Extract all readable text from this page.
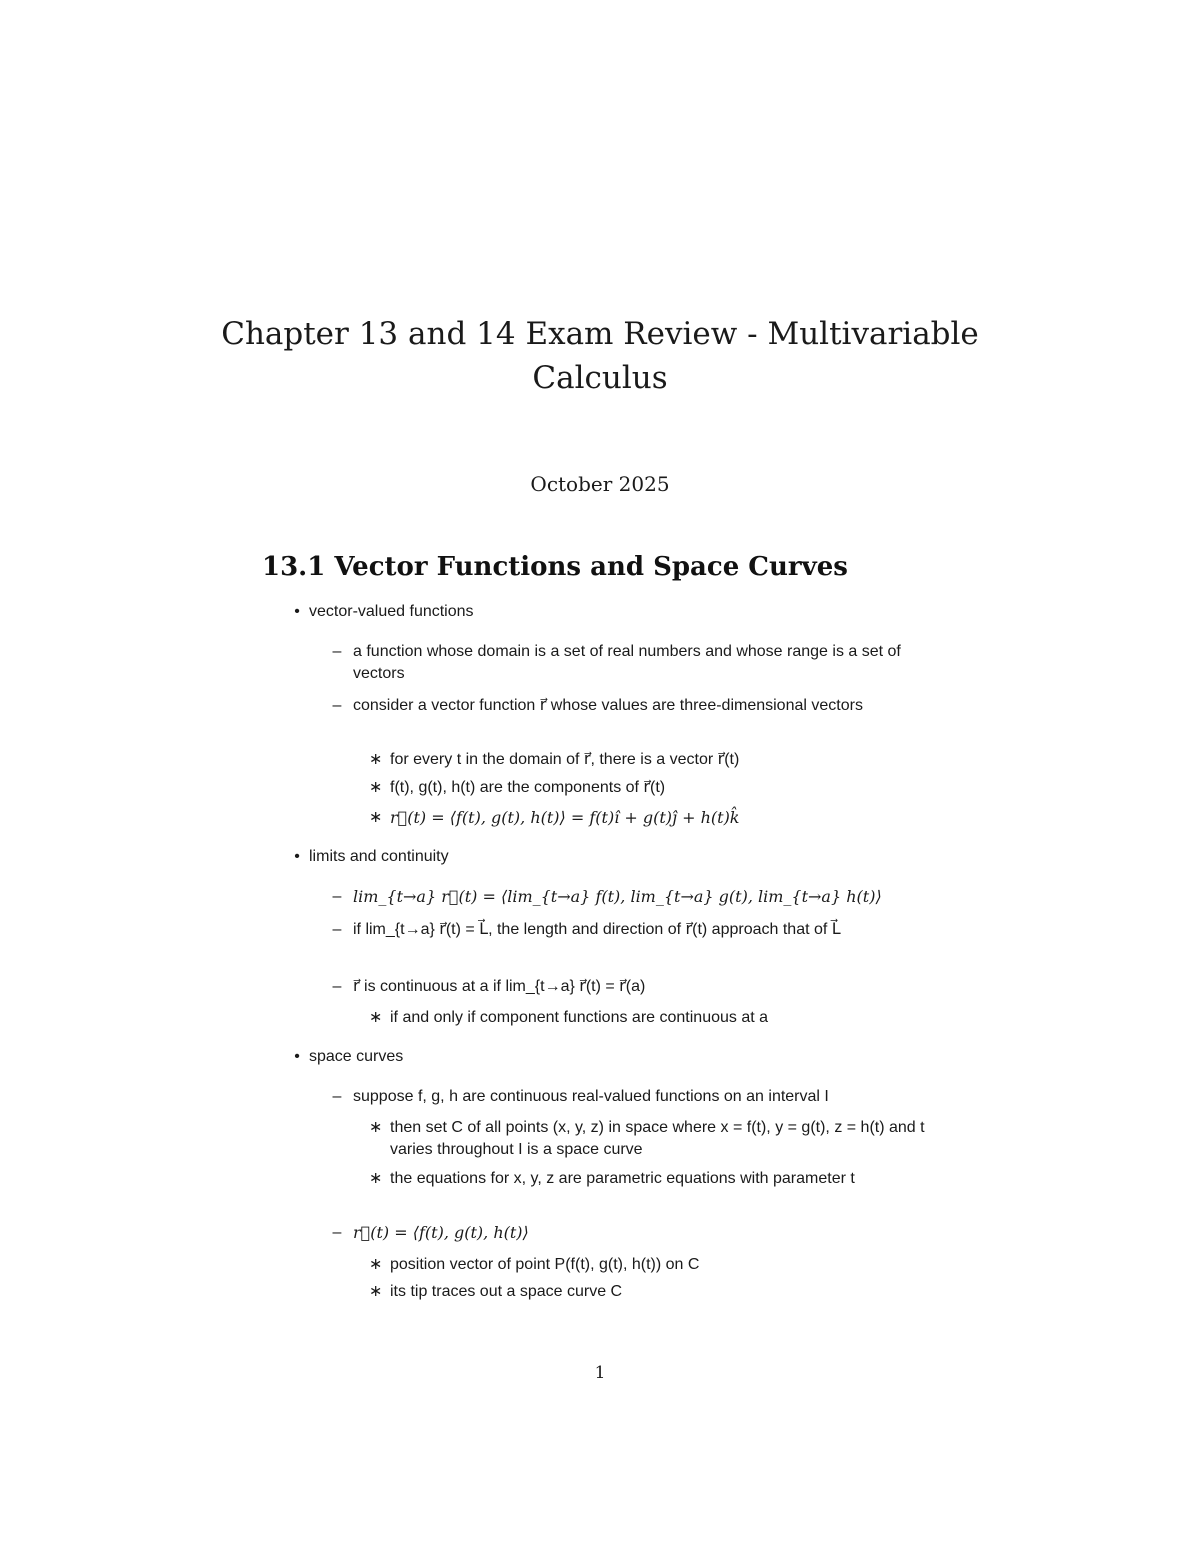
Chapter 13 and 14 Exam Review - Multivariable Calculus
October 2025
13.1 Vector Functions and Space Curves
• vector-valued functions
– a function whose domain is a set of real numbers and whose range is a set of vectors
– consider a vector function r⃗ whose values are three-dimensional vectors
∗ for every t in the domain of r⃗, there is a vector r⃗(t)
∗ f(t), g(t), h(t) are the components of r⃗(t)
∗ r⃗(t) = ⟨f(t), g(t), h(t)⟩ = f(t)î + g(t)ĵ + h(t)k̂
• limits and continuity
– lim_{t→a} r⃗(t) = ⟨lim_{t→a} f(t), lim_{t→a} g(t), lim_{t→a} h(t)⟩
– if lim_{t→a} r⃗(t) = L⃗, the length and direction of r⃗(t) approach that of L⃗
– r⃗ is continuous at a if lim_{t→a} r⃗(t) = r⃗(a)
∗ if and only if component functions are continuous at a
• space curves
– suppose f, g, h are continuous real-valued functions on an interval I
∗ then set C of all points (x, y, z) in space where x = f(t), y = g(t), z = h(t) and t varies throughout I is a space curve
∗ the equations for x, y, z are parametric equations with parameter t
– r⃗(t) = ⟨f(t), g(t), h(t)⟩
∗ position vector of point P(f(t), g(t), h(t)) on C
∗ its tip traces out a space curve C
1
